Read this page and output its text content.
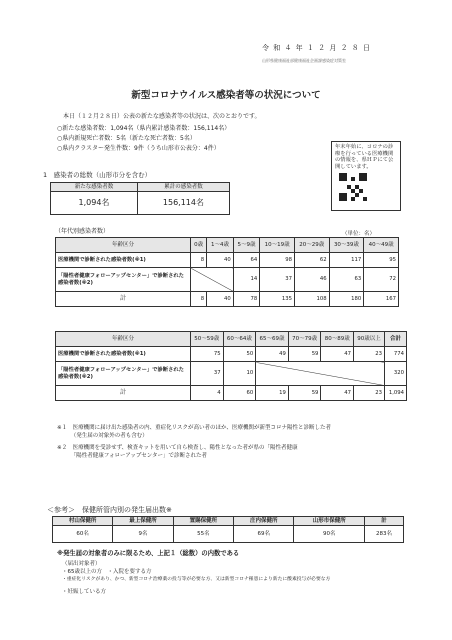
令 和 ４ 年 １ ２ 月 ２ ８ 日
山形県健康福祉部健康福祉企画課感染症対策室
新型コロナウイルス感染者等の状況について
本日（１２月２８日）公表の新たな感染者等の状況は、次のとおりです。
○新たな感染者数：1,094名（県内累計感染者数：156,114名）
○県内新規死亡者数：5名（新たな死亡者数：5名）
○県内クラスター発生件数：9件（うち山形市公表分：4件）	年末年始に、コロナの診療を行っている医療機関の情報を、県ＨＰにて公開しています。
1　感染者の総数（山形市分を含む）
新たな感染者数	累計の感染者数
1,094名	156,114名
（年代別感染者数）	（単位：名）
年齢区分	0歳	1〜4歳	5〜9歳	10〜19歳	20〜29歳	30〜39歳	40〜49歳
医療機関で診断された感染者数(※1)	8	40	64	98	62	117	95
「陽性者健康フォローアップセンター」で診断された感染者数(※2)			14	37	46	63	72
計	8	40	78	135	108	180	167
年齢区分	50〜59歳	60〜64歳	65〜69歳	70〜79歳	80〜89歳	90歳以上	合計
医療機関で診断された感染者数(※1)	75	50	49	59	47	23	774
「陽性者健康フォローアップセンター」で診断された感染者数(※2)	37	10					320
計	4	60	19	59	47	23	1,094
※１　医療機関に届け出た感染者の内、重症化リスクが高い者のほか、医療機関が新型コロナ陽性と診断した者
　　　（発生届の対象外の者も含む）
※２　医療機関を受診せず、検査キットを用いて自ら検査し、陽性となった者が県の「陽性者健康
　　　「陽性者健康フォローアップセンター」で診断された者
＜参考＞　保健所管内別の発生届出数※
村山保健所	最上保健所	置賜保健所	庄内保健所	山形市保健所	計
60名	9名	55名	69名	90名	283名
※発生届の対象者のみに限るため、上記１（総数）の内数である
（届出対象者）
・65歳以上の方　・入院を要する方
・重症化リスクがあり、かつ、新型コロナ治療薬の投与等が必要な方、又は新型コロナ罹患により新たに酸素投与が必要な方
・妊娠している方
